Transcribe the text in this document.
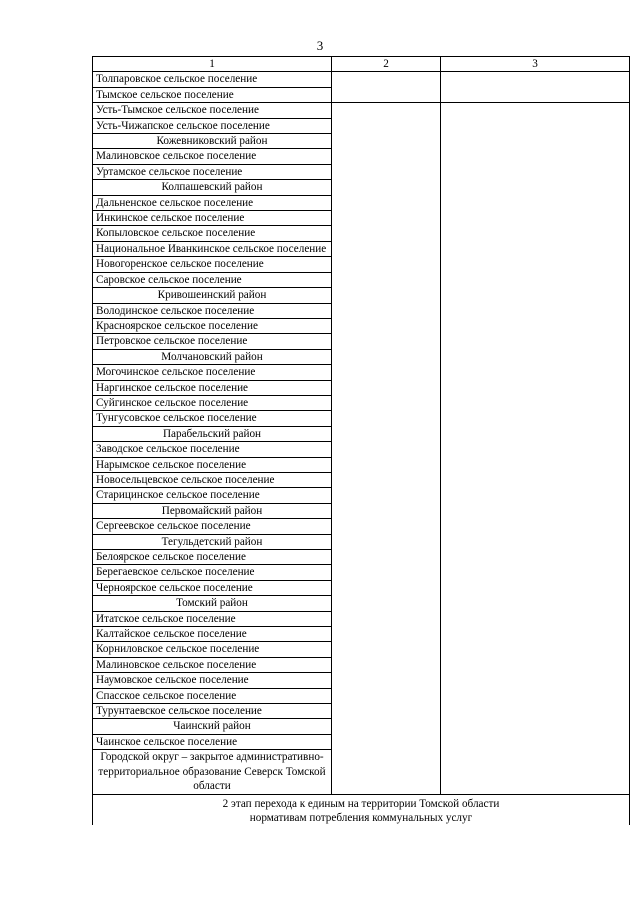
3
1	2	3
Толпаровское сельское поселение		
Тымское сельское поселение		
Усть-Тымское сельское поселение		
Усть-Чижапское сельское поселение		
Кожевниковский район		
Малиновское сельское поселение		
Уртамское сельское поселение		
Колпашевский район		
Дальненское сельское поселение		
Инкинское сельское поселение		
Копыловское сельское поселение		
Национальное Иванкинское сельское поселение		
Новогоренское сельское поселение		
Саровское сельское поселение		
Кривошеинский район		
Володинское сельское поселение		
Красноярское сельское поселение		
Петровское сельское поселение		
Молчановский район		
Могочинское сельское поселение		
Наргинское сельское поселение		
Суйгинское сельское поселение		
Тунгусовское сельское поселение		
Парабельский район		
Заводское сельское поселение		
Нарымское сельское поселение		
Новосельцевское сельское поселение		
Старицинское сельское поселение		
Первомайский район		
Сергеевское сельское поселение		
Тегульдетский район		
Белоярское сельское поселение		
Берегаевское сельское поселение		
Черноярское сельское поселение		
Томский район		
Итатское сельское поселение		
Калтайское сельское поселение		
Корниловское сельское поселение		
Малиновское сельское поселение		
Наумовское сельское поселение		
Спасское сельское поселение		
Турунтаевское сельское поселение		
Чаинский район		
Чаинское сельское поселение		
Городской округ – закрытое административно-территориальное образование Северск Томской области		

2 этап перехода к единым на территории Томской области
нормативам потребления коммунальных услуг		
